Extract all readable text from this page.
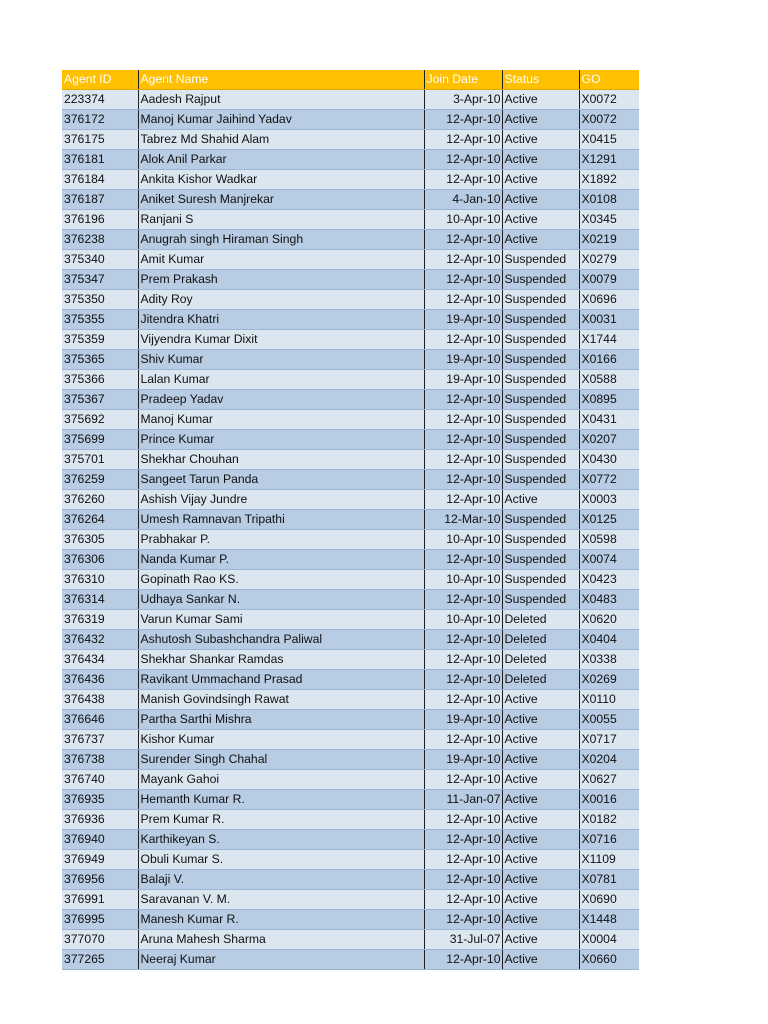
Agent ID	Agent Name	Join Date	Status	GO
223374	Aadesh Rajput	3-Apr-10	Active	X0072
376172	Manoj Kumar Jaihind Yadav	12-Apr-10	Active	X0072
376175	Tabrez Md Shahid Alam	12-Apr-10	Active	X0415
376181	Alok Anil Parkar	12-Apr-10	Active	X1291
376184	Ankita Kishor Wadkar	12-Apr-10	Active	X1892
376187	Aniket Suresh Manjrekar	4-Jan-10	Active	X0108
376196	Ranjani S	10-Apr-10	Active	X0345
376238	Anugrah singh Hiraman Singh	12-Apr-10	Active	X0219
375340	Amit Kumar	12-Apr-10	Suspended	X0279
375347	Prem Prakash	12-Apr-10	Suspended	X0079
375350	Adity Roy	12-Apr-10	Suspended	X0696
375355	Jitendra Khatri	19-Apr-10	Suspended	X0031
375359	Vijyendra Kumar Dixit	12-Apr-10	Suspended	X1744
375365	Shiv Kumar	19-Apr-10	Suspended	X0166
375366	Lalan Kumar	19-Apr-10	Suspended	X0588
375367	Pradeep Yadav	12-Apr-10	Suspended	X0895
375692	Manoj Kumar	12-Apr-10	Suspended	X0431
375699	Prince Kumar	12-Apr-10	Suspended	X0207
375701	Shekhar Chouhan	12-Apr-10	Suspended	X0430
376259	Sangeet Tarun Panda	12-Apr-10	Suspended	X0772
376260	Ashish Vijay Jundre	12-Apr-10	Active	X0003
376264	Umesh Ramnavan Tripathi	12-Mar-10	Suspended	X0125
376305	Prabhakar P.	10-Apr-10	Suspended	X0598
376306	Nanda Kumar P.	12-Apr-10	Suspended	X0074
376310	Gopinath Rao KS.	10-Apr-10	Suspended	X0423
376314	Udhaya Sankar N.	12-Apr-10	Suspended	X0483
376319	Varun Kumar Sami	10-Apr-10	Deleted	X0620
376432	Ashutosh Subashchandra Paliwal	12-Apr-10	Deleted	X0404
376434	Shekhar Shankar Ramdas	12-Apr-10	Deleted	X0338
376436	Ravikant Ummachand Prasad	12-Apr-10	Deleted	X0269
376438	Manish Govindsingh Rawat	12-Apr-10	Active	X0110
376646	Partha Sarthi Mishra	19-Apr-10	Active	X0055
376737	Kishor Kumar	12-Apr-10	Active	X0717
376738	Surender Singh Chahal	19-Apr-10	Active	X0204
376740	Mayank Gahoi	12-Apr-10	Active	X0627
376935	Hemanth Kumar R.	11-Jan-07	Active	X0016
376936	Prem Kumar R.	12-Apr-10	Active	X0182
376940	Karthikeyan S.	12-Apr-10	Active	X0716
376949	Obuli Kumar S.	12-Apr-10	Active	X1109
376956	Balaji V.	12-Apr-10	Active	X0781
376991	Saravanan V. M.	12-Apr-10	Active	X0690
376995	Manesh Kumar R.	12-Apr-10	Active	X1448
377070	Aruna Mahesh Sharma	31-Jul-07	Active	X0004
377265	Neeraj Kumar	12-Apr-10	Active	X0660
